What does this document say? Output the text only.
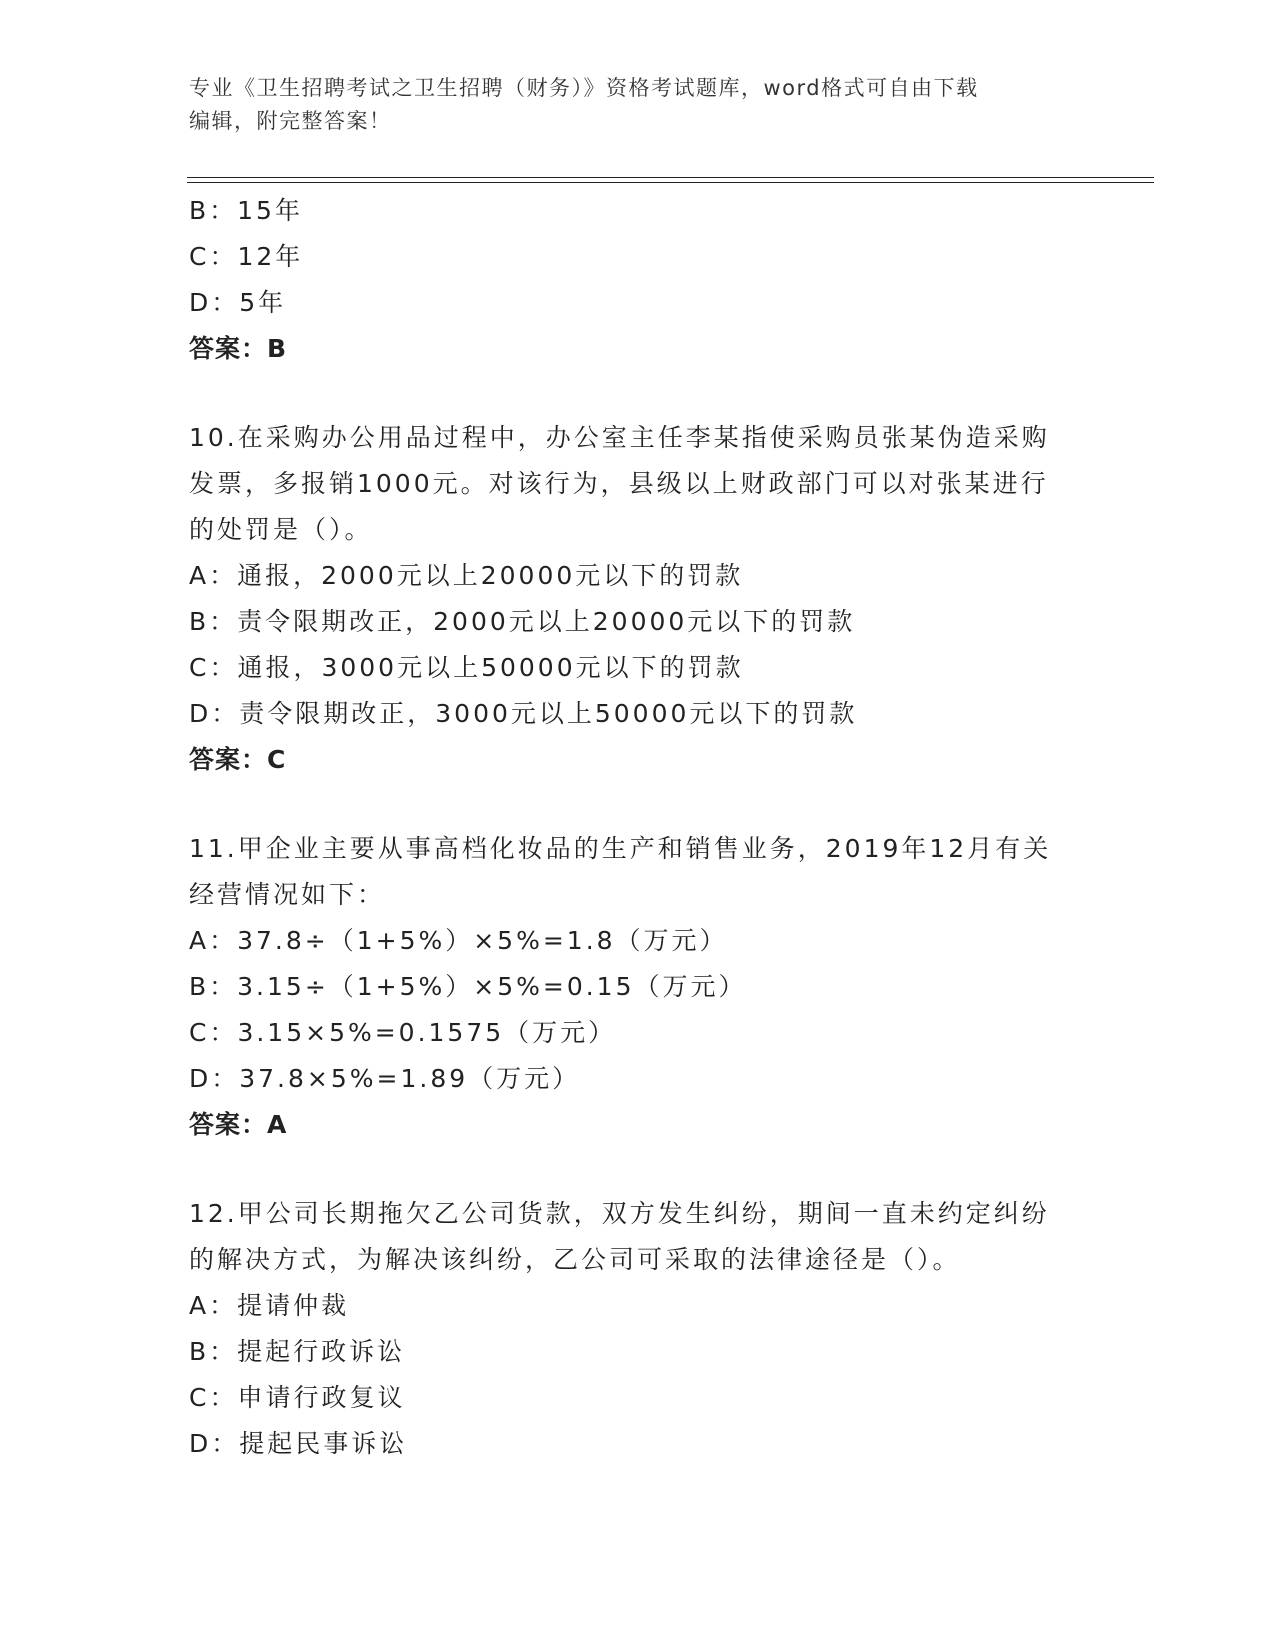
专业《卫生招聘考试之卫生招聘（财务）》资格考试题库，word格式可自由下载
编辑，附完整答案！
B：15年
C：12年
D：5年
答案：B
10.在采购办公用品过程中，办公室主任李某指使采购员张某伪造采购
发票，多报销1000元。对该行为，县级以上财政部门可以对张某进行
的处罚是（）。
A：通报，2000元以上20000元以下的罚款
B：责令限期改正，2000元以上20000元以下的罚款
C：通报，3000元以上50000元以下的罚款
D：责令限期改正，3000元以上50000元以下的罚款
答案：C
11.甲企业主要从事高档化妆品的生产和销售业务，2019年12月有关
经营情况如下：
A：37.8÷（1+5%）×5%=1.8（万元）
B：3.15÷（1+5%）×5%=0.15（万元）
C：3.15×5%=0.1575（万元）
D：37.8×5%=1.89（万元）
答案：A
12.甲公司长期拖欠乙公司货款，双方发生纠纷，期间一直未约定纠纷
的解决方式，为解决该纠纷，乙公司可采取的法律途径是（）。
A：提请仲裁
B：提起行政诉讼
C：申请行政复议
D：提起民事诉讼
